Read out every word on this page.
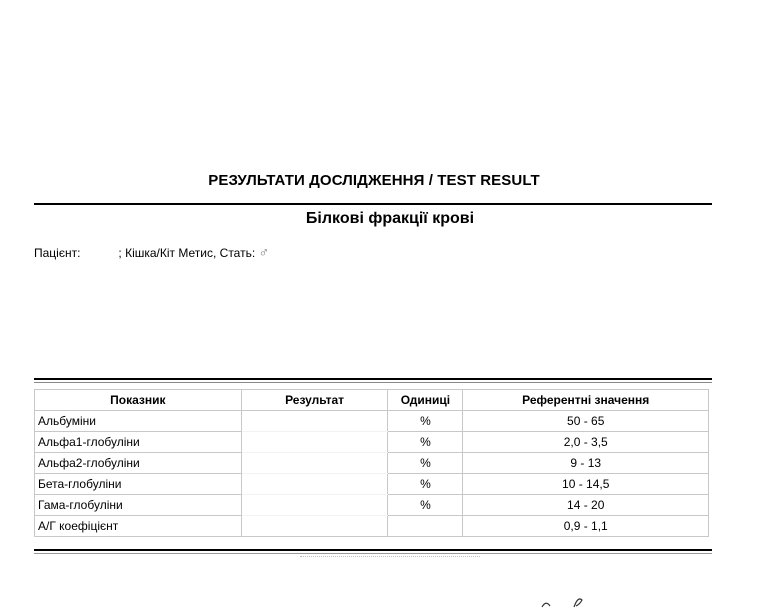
РЕЗУЛЬТАТИ ДОСЛІДЖЕННЯ / TEST RESULT
Білкові фракції крові
Пацієнт:	; Кішка/Кіт Метис, Стать: ♂
Показник	Результат	Одиниці	Референтні значення
Альбуміни		%	50 - 65
Альфа1-глобуліни		%	2,0 - 3,5
Альфа2-глобуліни		%	9 - 13
Бета-глобуліни		%	10 - 14,5
Гама-глобуліни		%	14 - 20
А/Г коефіцієнт			0,9 - 1,1
